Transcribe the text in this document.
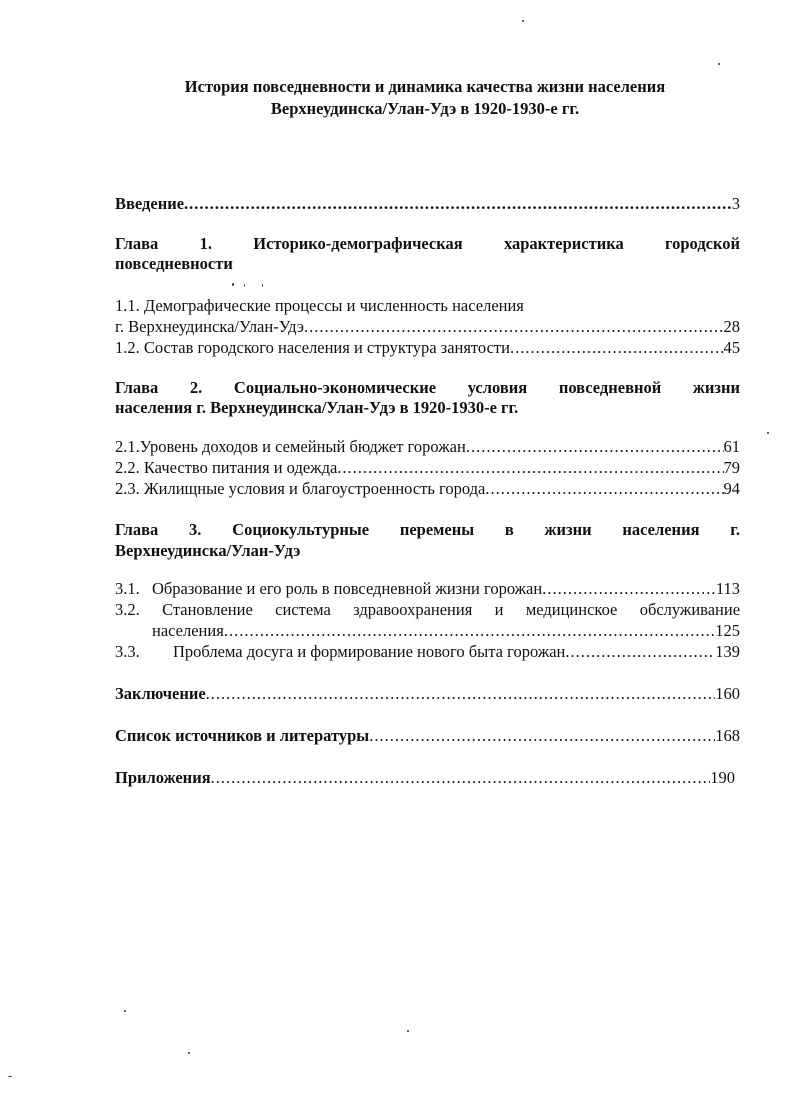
История повседневности и динамика качества жизни населения
Верхнеудинска/Улан-Удэ в 1920-1930-е гг.
Введение .....	3
Глава	1.	Историко-демографическая	характеристика	городской
повседневности
1.1. Демографические процессы и численность населения
г. Верхнеудинска/Улан-Удэ .....	28
1.2. Состав городского населения и структура занятости .....	45
Глава 2. Социально-экономические условия повседневной жизни
населения г. Верхнеудинска/Улан-Удэ в 1920-1930-е гг.
2.1.Уровень доходов и семейный бюджет горожан .....	61
2.2. Качество питания и одежда .....	79
2.3. Жилищные условия и благоустроенность города .....	94
Глава 3. Социокультурные перемены в жизни населения г.
Верхнеудинска/Улан-Удэ
3.1. Образование и его роль в повседневной жизни горожан .....	113
3.2. Становление система здравоохранения и медицинское обслуживание
населения .....	125
3.3. Проблема досуга и формирование нового быта горожан .....	139
Заключение .....	160
Список источников и литературы .....	168
Приложения .....	190
